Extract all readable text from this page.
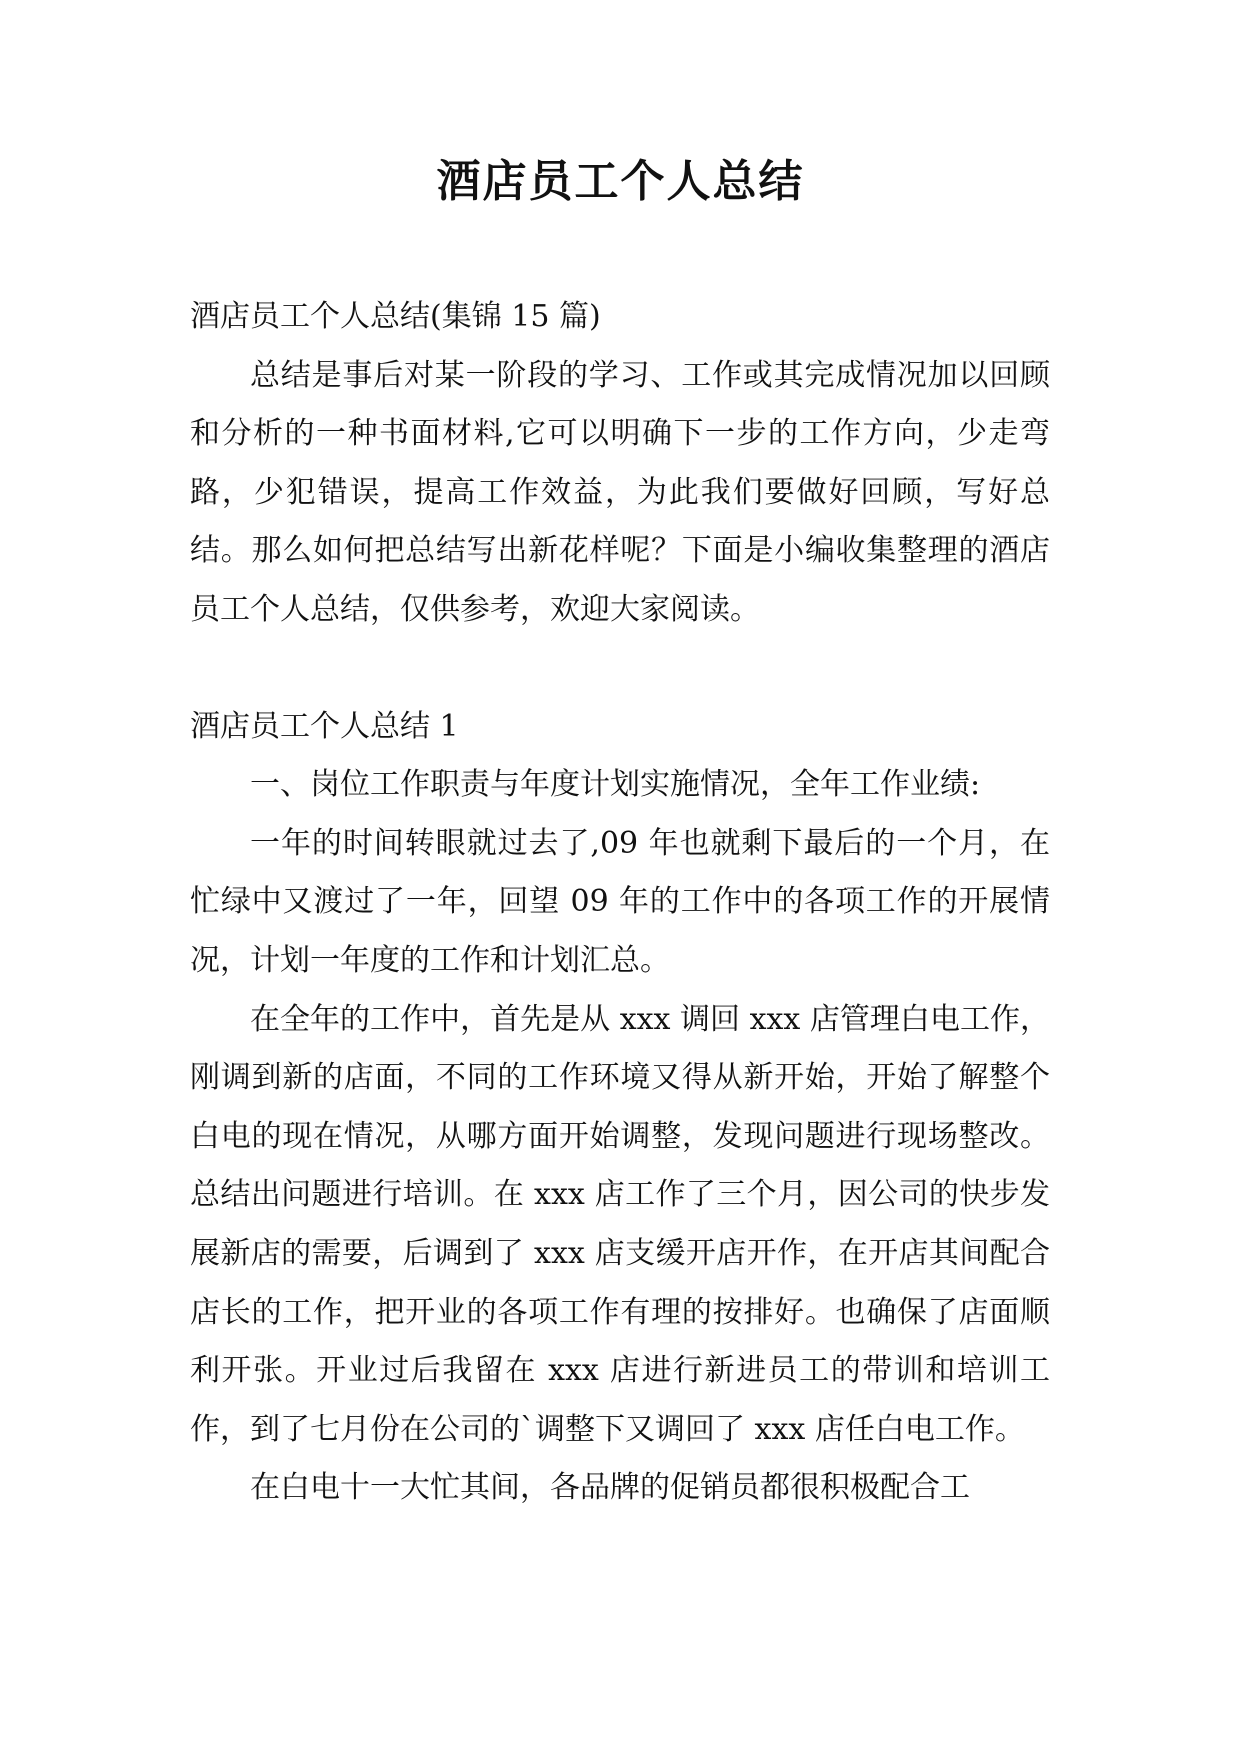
酒店员工个人总结

酒店员工个人总结(集锦 15 篇)

总结是事后对某一阶段的学习、工作或其完成情况加以回顾和分析的一种书面材料,它可以明确下一步的工作方向，少走弯路，少犯错误，提高工作效益，为此我们要做好回顾，写好总结。那么如何把总结写出新花样呢？下面是小编收集整理的酒店员工个人总结，仅供参考，欢迎大家阅读。

酒店员工个人总结 1

一、岗位工作职责与年度计划实施情况，全年工作业绩:

一年的时间转眼就过去了,09 年也就剩下最后的一个月，在忙绿中又渡过了一年，回望 09 年的工作中的各项工作的开展情况，计划一年度的工作和计划汇总。

在全年的工作中，首先是从 xxx 调回 xxx 店管理白电工作，刚调到新的店面，不同的工作环境又得从新开始，开始了解整个白电的现在情况，从哪方面开始调整，发现问题进行现场整改。总结出问题进行培训。在 xxx 店工作了三个月，因公司的快步发展新店的需要，后调到了 xxx 店支缓开店开作，在开店其间配合店长的工作，把开业的各项工作有理的按排好。也确保了店面顺利开张。开业过后我留在 xxx 店进行新进员工的带训和培训工作，到了七月份在公司的`调整下又调回了 xxx 店任白电工作。

在白电十一大忙其间，各品牌的促销员都很积极配合工
